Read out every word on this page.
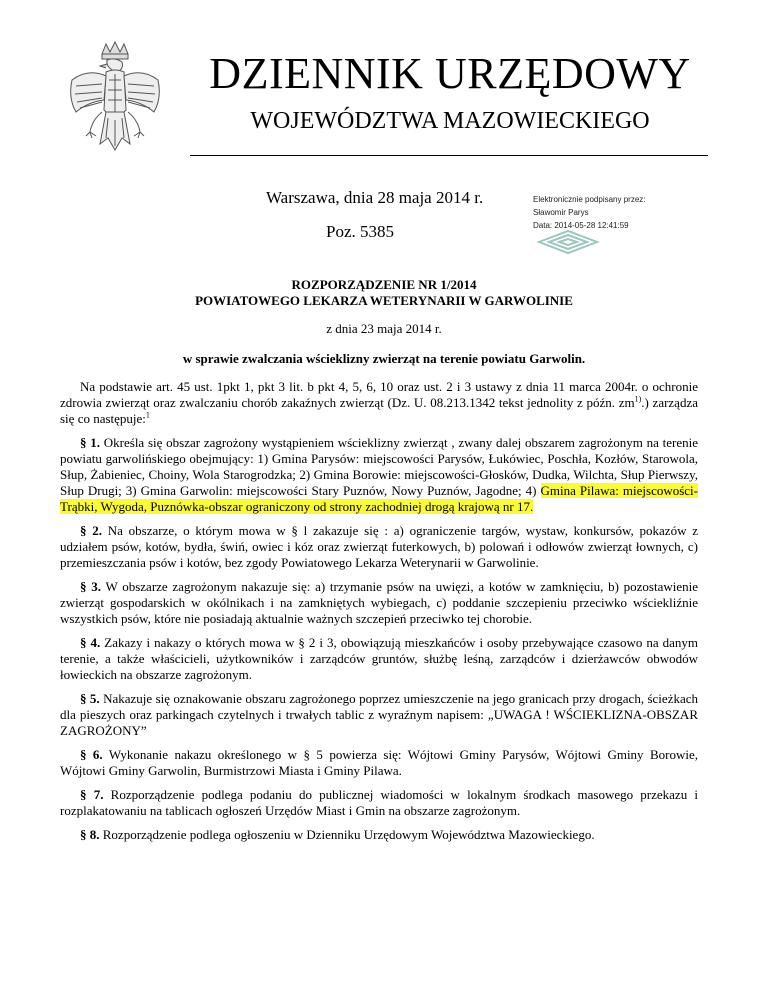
DZIENNIK URZĘDOWY
WOJEWÓDZTWA MAZOWIECKIEGO
Warszawa, dnia 28 maja 2014 r.
Poz. 5385
Elektronicznie podpisany przez:
Sławomir Parys
Data: 2014-05-28 12:41:59
ROZPORZĄDZENIE NR 1/2014
POWIATOWEGO LEKARZA WETERYNARII W GARWOLINIE
z dnia 23 maja 2014 r.
w sprawie zwalczania wścieklizny zwierząt na terenie powiatu Garwolin.

Na podstawie art. 45 ust. 1pkt 1, pkt 3 lit. b pkt 4, 5, 6, 10 oraz ust. 2 i 3 ustawy z dnia 11 marca 2004r. o ochronie zdrowia zwierząt oraz zwalczaniu chorób zakaźnych zwierząt (Dz. U. 08.213.1342 tekst jednolity z późn. $zm^{1)}$.) zarządza się co następuje:$^1$

§ 1. Określa się obszar zagrożony wystąpieniem wścieklizny zwierząt , zwany dalej obszarem zagrożonym na terenie powiatu garwolińskiego obejmujący: 1) Gmina Parysów: miejscowości Parysów, Łukówiec, Poschła, Kozłów, Starowola, Słup, Żabieniec, Choiny, Wola Starogrodzka; 2) Gmina Borowie: miejscowości-Głosków, Dudka, Wilchta, Słup Pierwszy, Słup Drugi; 3) Gmina Garwolin: miejscowości Stary Puznów, Nowy Puznów, Jagodne; 4) Gmina Pilawa: miejscowości-Trąbki, Wygoda, Puznówka-obszar ograniczony od strony zachodniej drogą krajową nr 17.

§ 2. Na obszarze, o którym mowa w § l zakazuje się : a) ograniczenie targów, wystaw, konkursów, pokazów z udziałem psów, kotów, bydła, świń, owiec i kóz oraz zwierząt futerkowych, b) polowań i odłowów zwierząt łownych, c) przemieszczania psów i kotów, bez zgody Powiatowego Lekarza Weterynarii w Garwolinie.

§ 3. W obszarze zagrożonym nakazuje się: a) trzymanie psów na uwięzi, a kotów w zamknięciu, b) pozostawienie zwierząt gospodarskich w okólnikach i na zamkniętych wybiegach, c) poddanie szczepieniu przeciwko wściekliźnie wszystkich psów, które nie posiadają aktualnie ważnych szczepień przeciwko tej chorobie.

§ 4. Zakazy i nakazy o których mowa w § 2 i 3, obowiązują mieszkańców i osoby przebywające czasowo na danym terenie, a także właścicieli, użytkowników i zarządców gruntów, służbę leśną, zarządców i dzierżawców obwodów łowieckich na obszarze zagrożonym.

§ 5. Nakazuje się oznakowanie obszaru zagrożonego poprzez umieszczenie na jego granicach przy drogach, ścieżkach dla pieszych oraz parkingach czytelnych i trwałych tablic z wyraźnym napisem: „UWAGA ! WŚCIEKLIZNA-OBSZAR ZAGROŻONY”

§ 6. Wykonanie nakazu określonego w § 5 powierza się: Wójtowi Gminy Parysów, Wójtowi Gminy Borowie, Wójtowi Gminy Garwolin, Burmistrzowi Miasta i Gminy Pilawa.

§ 7. Rozporządzenie podlega podaniu do publicznej wiadomości w lokalnym środkach masowego przekazu i rozplakatowaniu na tablicach ogłoszeń Urzędów Miast i Gmin na obszarze zagrożonym.

§ 8. Rozporządzenie podlega ogłoszeniu w Dzienniku Urzędowym Województwa Mazowieckiego.
